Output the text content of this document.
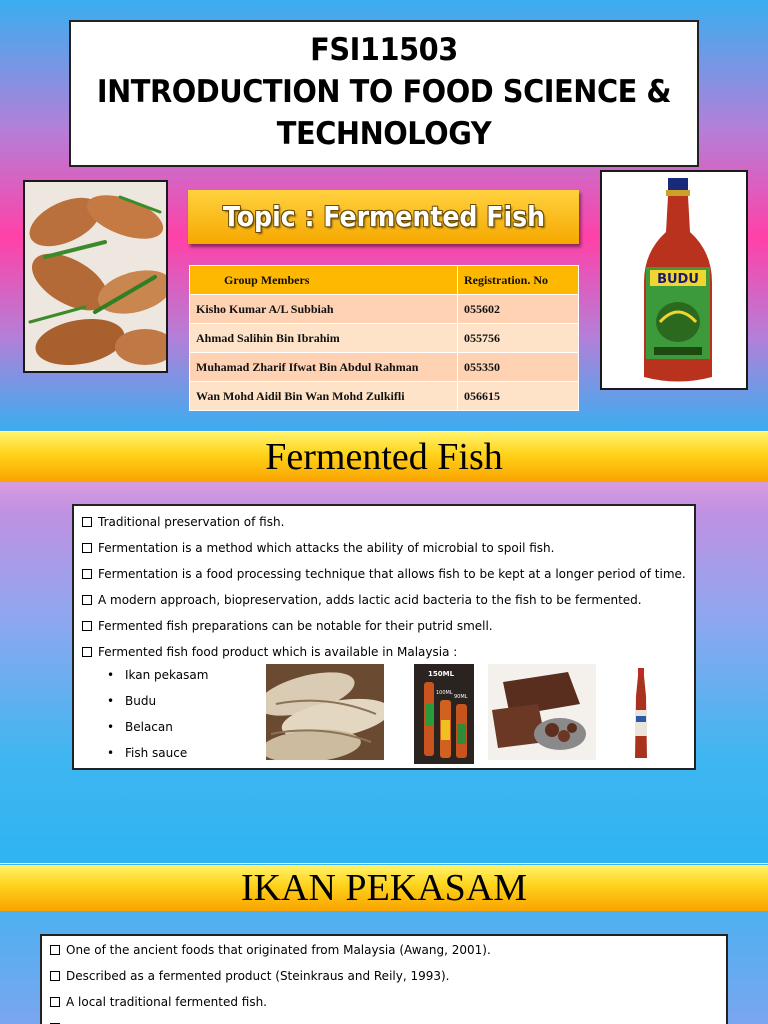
FSI11503
INTRODUCTION TO FOOD SCIENCE &
TECHNOLOGY
Topic : Fermented Fish
Group Members	Registration. No
Kisho Kumar A/L Subbiah	055602
Ahmad Salihin Bin Ibrahim	055756
Muhamad Zharif Ifwat Bin Abdul Rahman	055350
Wan Mohd Aidil Bin Wan Mohd Zulkifli	056615
BUDU
Fermented Fish
Traditional preservation of fish.
Fermentation is a method which attacks the ability of microbial to spoil fish.
Fermentation is a food processing technique that allows fish to be kept at a longer period of time.
A modern approach, biopreservation, adds lactic acid bacteria to the fish to be fermented.
Fermented fish preparations can be notable for their putrid smell.
Fermented fish food product which is available in Malaysia :
• Ikan pekasam
• Budu
• Belacan
• Fish sauce
150ML
100ML
90ML
IKAN PEKASAM
One of the ancient foods that originated from Malaysia (Awang, 2001).
Described as a fermented product (Steinkraus and Reily, 1993).
A local traditional fermented fish.
